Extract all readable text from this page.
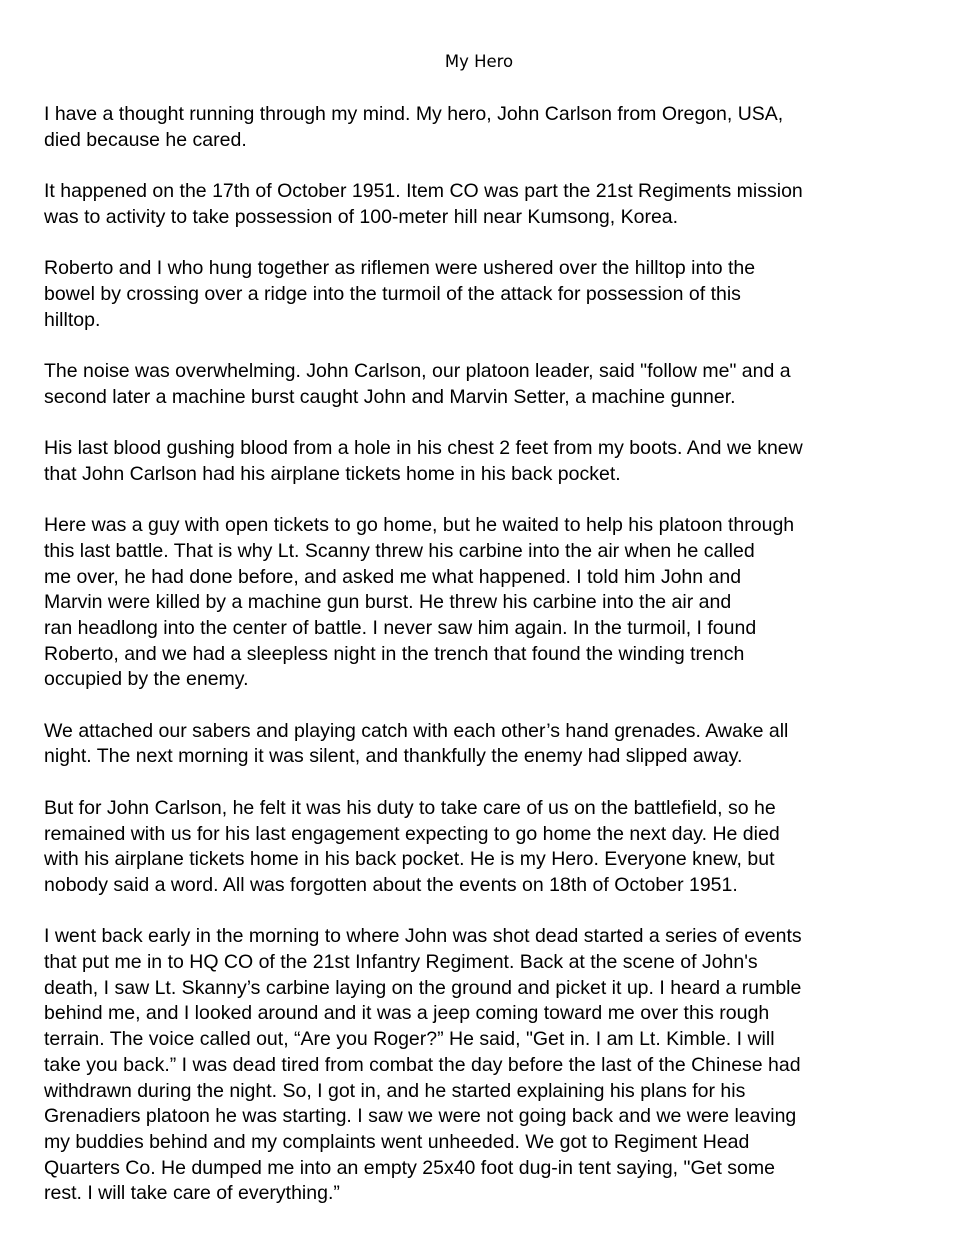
My Hero

I have a thought running through my mind. My hero, John Carlson from Oregon, USA,
died because he cared.

It happened on the 17th of October 1951. Item CO was part the 21st Regiments mission
was to activity to take possession of 100-meter hill near Kumsong, Korea.

Roberto and I who hung together as riflemen were ushered over the hilltop into the
bowel by crossing over a ridge into the turmoil of the attack for possession of this
hilltop.

The noise was overwhelming. John Carlson, our platoon leader, said "follow me" and a
second later a machine burst caught John and Marvin Setter, a machine gunner.

His last blood gushing blood from a hole in his chest 2 feet from my boots. And we knew
that John Carlson had his airplane tickets home in his back pocket.

Here was a guy with open tickets to go home, but he waited to help his platoon through
this last battle. That is why Lt. Scanny threw his carbine into the air when he called
me over, he had done before, and asked me what happened. I told him John and
Marvin were killed by a machine gun burst. He threw his carbine into the air and
ran headlong into the center of battle. I never saw him again. In the turmoil, I found
Roberto, and we had a sleepless night in the trench that found the winding trench
occupied by the enemy.

We attached our sabers and playing catch with each other’s hand grenades. Awake all
night. The next morning it was silent, and thankfully the enemy had slipped away.

But for John Carlson, he felt it was his duty to take care of us on the battlefield, so he
remained with us for his last engagement expecting to go home the next day. He died
with his airplane tickets home in his back pocket. He is my Hero. Everyone knew, but
nobody said a word. All was forgotten about the events on 18th of October 1951.

I went back early in the morning to where John was shot dead started a series of events
that put me in to HQ CO of the 21st Infantry Regiment. Back at the scene of John's
death, I saw Lt. Skanny’s carbine laying on the ground and picket it up. I heard a rumble
behind me, and I looked around and it was a jeep coming toward me over this rough
terrain. The voice called out, “Are you Roger?” He said, "Get in. I am Lt. Kimble. I will
take you back.” I was dead tired from combat the day before the last of the Chinese had
withdrawn during the night. So, I got in, and he started explaining his plans for his
Grenadiers platoon he was starting. I saw we were not going back and we were leaving
my buddies behind and my complaints went unheeded. We got to Regiment Head
Quarters Co. He dumped me into an empty 25x40 foot dug-in tent saying, "Get some
rest. I will take care of everything.”
